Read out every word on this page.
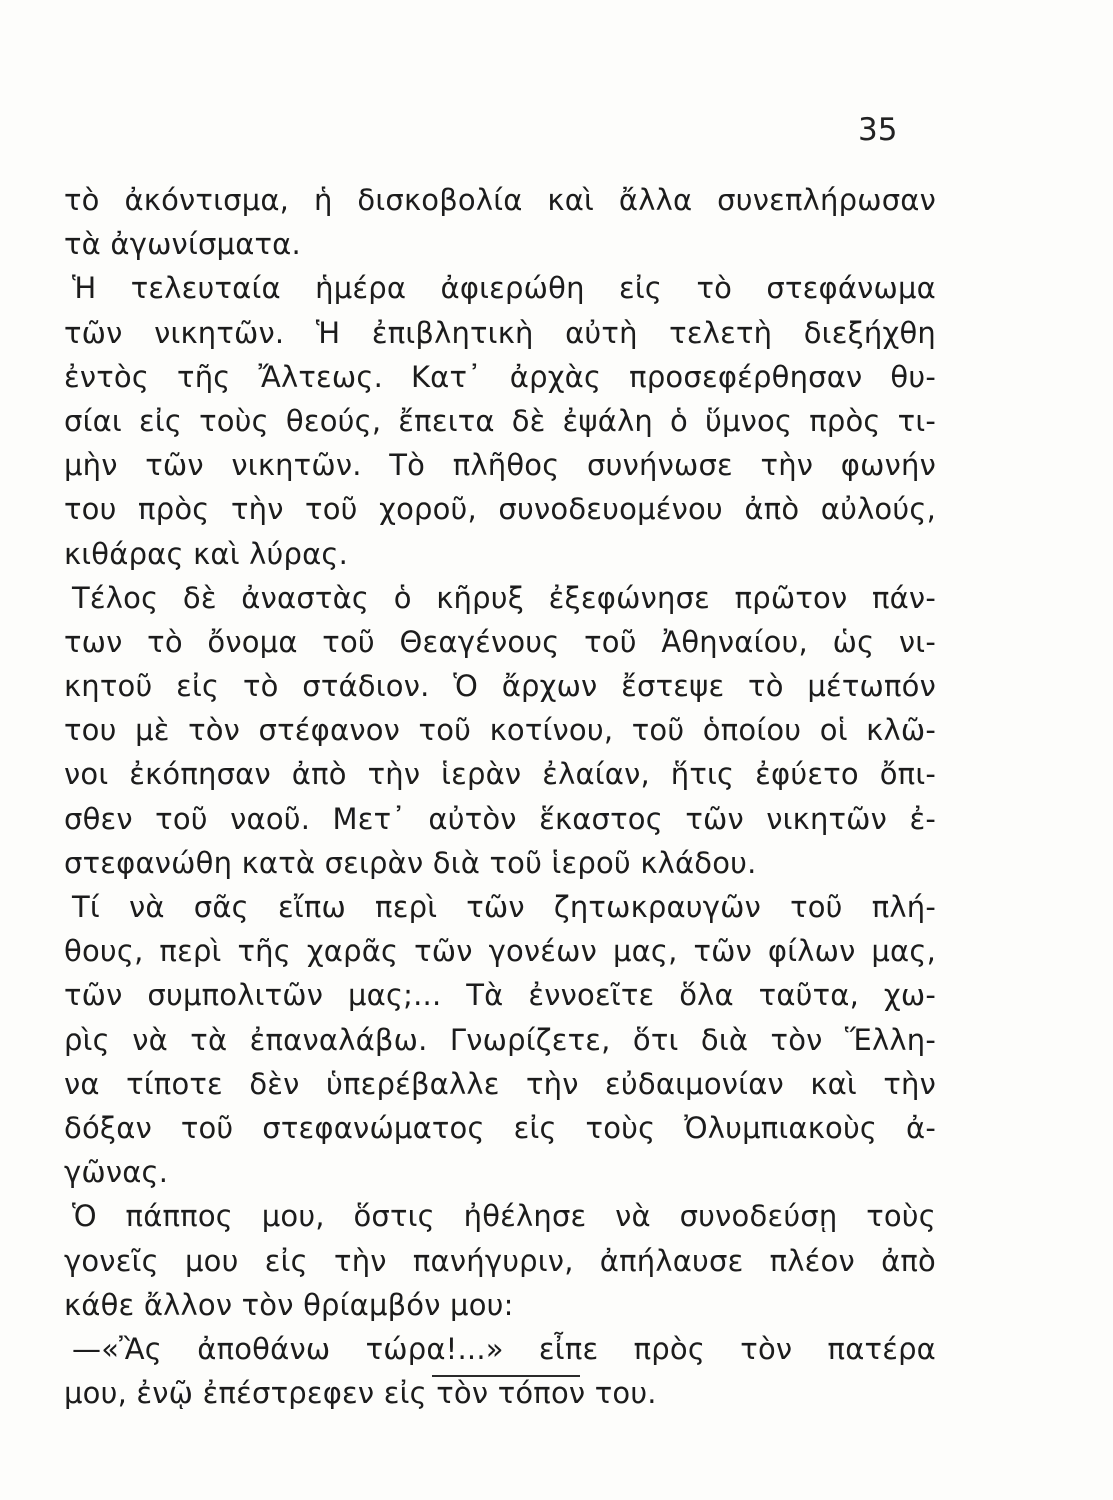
35
τὸ ἀκόντισμα, ἡ δισκοβολία καὶ ἄλλα συνεπλήρωσαν
τὰ ἀγωνίσματα.
Ἡ τελευταία ἡμέρα ἀφιερώθη εἰς τὸ στεφάνωμα
τῶν νικητῶν. Ἡ ἐπιβλητικὴ αὐτὴ τελετὴ διεξήχθη
ἐντὸς τῆς Ἄλτεως. Κατ᾽ ἀρχὰς προσεφέρθησαν θυ-
σίαι εἰς τοὺς θεούς, ἔπειτα δὲ ἐψάλη ὁ ὕμνος πρὸς τι-
μὴν τῶν νικητῶν. Τὸ πλῆθος συνήνωσε τὴν φωνήν
του πρὸς τὴν τοῦ χοροῦ, συνοδευομένου ἀπὸ αὐλούς,
κιθάρας καὶ λύρας.
Τέλος δὲ ἀναστὰς ὁ κῆρυξ ἐξεφώνησε πρῶτον πάν-
των τὸ ὄνομα τοῦ Θεαγένους τοῦ Ἀθηναίου, ὡς νι-
κητοῦ εἰς τὸ στάδιον. Ὁ ἄρχων ἔστεψε τὸ μέτωπόν
του μὲ τὸν στέφανον τοῦ κοτίνου, τοῦ ὁποίου οἱ κλῶ-
νοι ἐκόπησαν ἀπὸ τὴν ἱερὰν ἐλαίαν, ἥτις ἐφύετο ὄπι-
σθεν τοῦ ναοῦ. Μετ᾽ αὐτὸν ἕκαστος τῶν νικητῶν ἐ-
στεφανώθη κατὰ σειρὰν διὰ τοῦ ἱεροῦ κλάδου.
Τί νὰ σᾶς εἴπω περὶ τῶν ζητωκραυγῶν τοῦ πλή-
θους, περὶ τῆς χαρᾶς τῶν γονέων μας, τῶν φίλων μας,
τῶν συμπολιτῶν μας;... Τὰ ἐννοεῖτε ὅλα ταῦτα, χω-
ρὶς νὰ τὰ ἐπαναλάβω. Γνωρίζετε, ὅτι διὰ τὸν Ἕλλη-
να τίποτε δὲν ὑπερέβαλλε τὴν εὐδαιμονίαν καὶ τὴν
δόξαν τοῦ στεφανώματος εἰς τοὺς Ὀλυμπιακοὺς ἀ-
γῶνας.
Ὁ πάππος μου, ὅστις ἠθέλησε νὰ συνοδεύσῃ τοὺς
γονεῖς μου εἰς τὴν πανήγυριν, ἀπήλαυσε πλέον ἀπὸ
κάθε ἄλλον τὸν θρίαμβόν μου:
—«Ἂς ἀποθάνω τώρα!...» εἶπε πρὸς τὸν πατέρα
μου, ἐνῷ ἐπέστρεφεν εἰς τὸν τόπον του.
